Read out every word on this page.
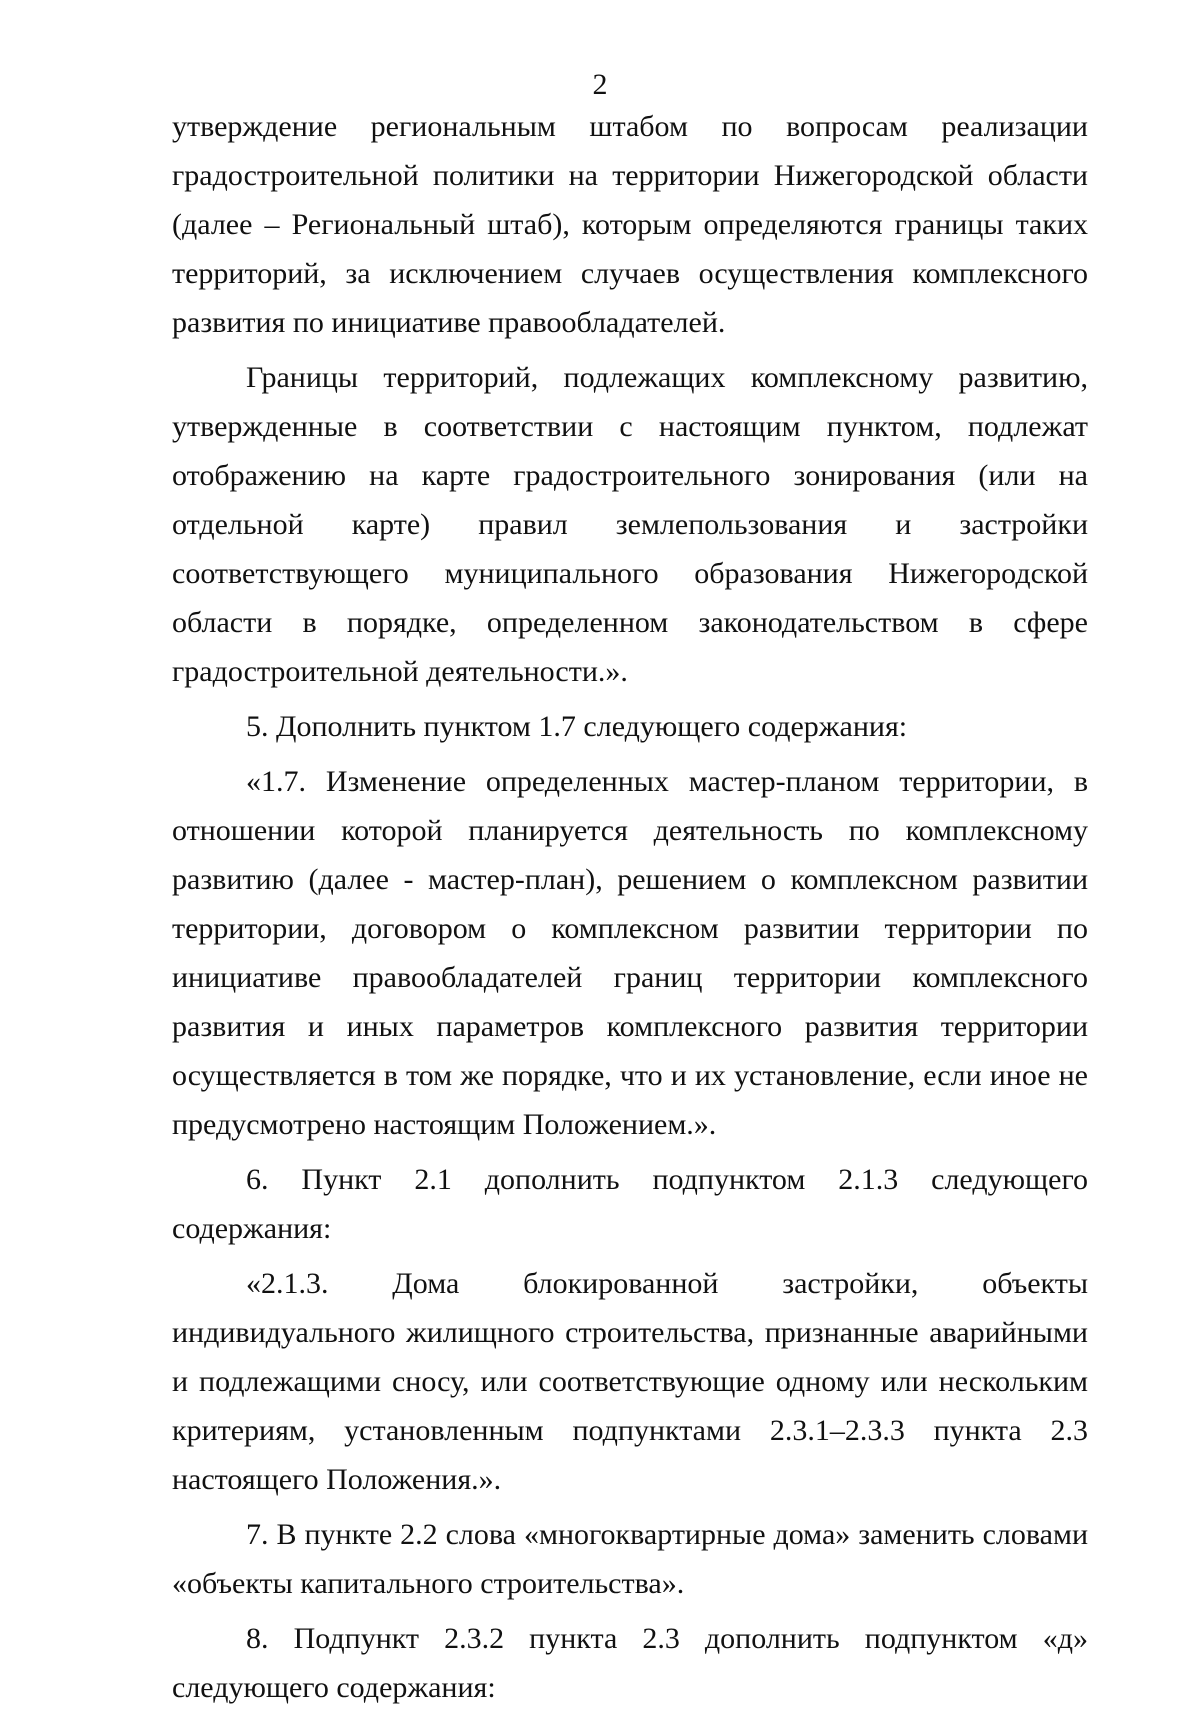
2

утверждение региональным штабом по вопросам реализации градостроительной политики на территории Нижегородской области (далее – Региональный штаб), которым определяются границы таких территорий, за исключением случаев осуществления комплексного развития по инициативе правообладателей.

Границы территорий, подлежащих комплексному развитию, утвержденные в соответствии с настоящим пунктом, подлежат отображению на карте градостроительного зонирования (или на отдельной карте) правил землепользования и застройки соответствующего муниципального образования Нижегородской области в порядке, определенном законодательством в сфере градостроительной деятельности.».

5. Дополнить пунктом 1.7 следующего содержания:

«1.7. Изменение определенных мастер-планом территории, в отношении которой планируется деятельность по комплексному развитию (далее - мастер-план), решением о комплексном развитии территории, договором о комплексном развитии территории по инициативе правообладателей границ территории комплексного развития и иных параметров комплексного развития территории осуществляется в том же порядке, что и их установление, если иное не предусмотрено настоящим Положением.».

6. Пункт 2.1 дополнить подпунктом 2.1.3 следующего содержания:

«2.1.3. Дома блокированной застройки, объекты индивидуального жилищного строительства, признанные аварийными и подлежащими сносу, или соответствующие одному или нескольким критериям, установленным подпунктами 2.3.1–2.3.3 пункта 2.3 настоящего Положения.».

7. В пункте 2.2 слова «многоквартирные дома» заменить словами «объекты капитального строительства».

8. Подпункт 2.3.2 пункта 2.3 дополнить подпунктом «д» следующего содержания:
